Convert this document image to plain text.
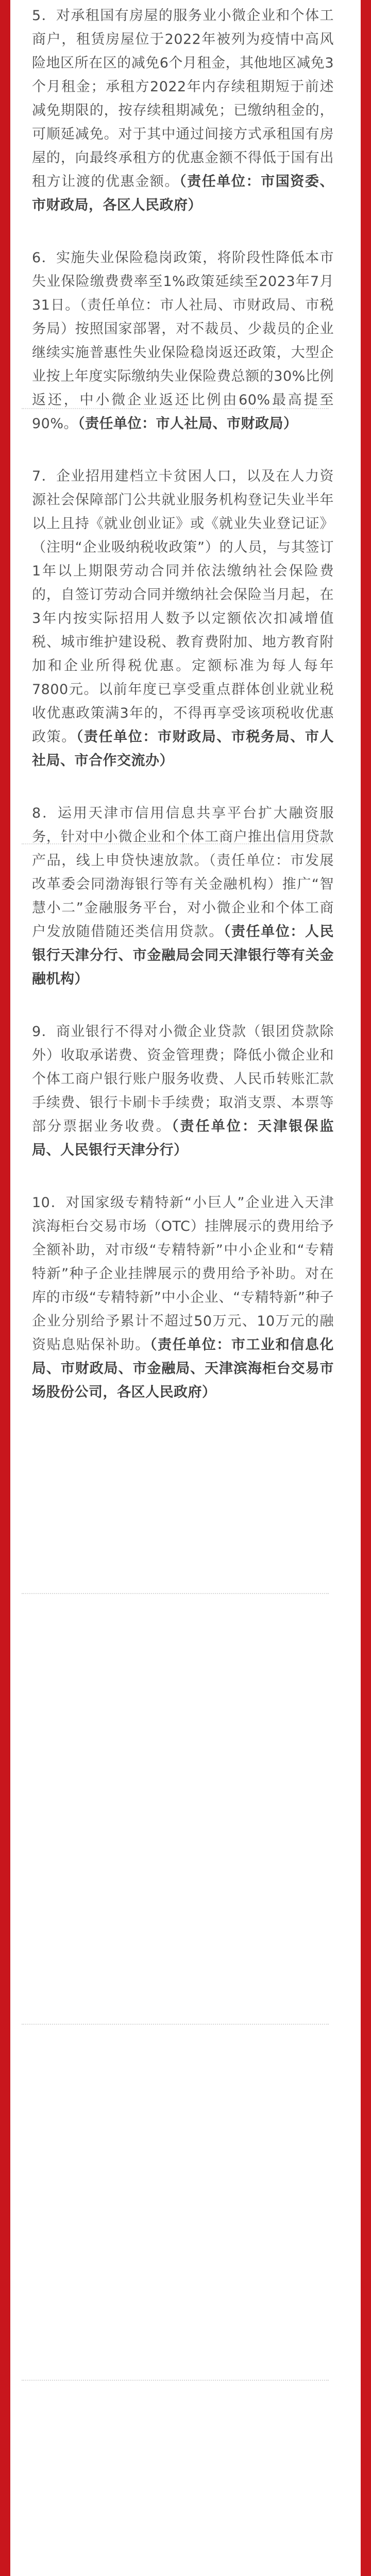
5．对承租国有房屋的服务业小微企业和个体工商户，租赁房屋位于2022年被列为疫情中高风险地区所在区的减免6个月租金，其他地区减免3个月租金；承租方2022年内存续租期短于前述减免期限的，按存续租期减免；已缴纳租金的，可顺延减免。对于其中通过间接方式承租国有房屋的，向最终承租方的优惠金额不得低于国有出租方让渡的优惠金额。（责任单位：市国资委、市财政局，各区人民政府）

6．实施失业保险稳岗政策，将阶段性降低本市失业保险缴费费率至1%政策延续至2023年7月31日。（责任单位：市人社局、市财政局、市税务局）按照国家部署，对不裁员、少裁员的企业继续实施普惠性失业保险稳岗返还政策，大型企业按上年度实际缴纳失业保险费总额的30%比例返还，中小微企业返还比例由60%最高提至90%。（责任单位：市人社局、市财政局）

7．企业招用建档立卡贫困人口，以及在人力资源社会保障部门公共就业服务机构登记失业半年以上且持《就业创业证》或《就业失业登记证》（注明“企业吸纳税收政策”）的人员，与其签订1年以上期限劳动合同并依法缴纳社会保险费的，自签订劳动合同并缴纳社会保险当月起，在3年内按实际招用人数予以定额依次扣减增值税、城市维护建设税、教育费附加、地方教育附加和企业所得税优惠。定额标准为每人每年7800元。以前年度已享受重点群体创业就业税收优惠政策满3年的，不得再享受该项税收优惠政策。（责任单位：市财政局、市税务局、市人社局、市合作交流办）

8．运用天津市信用信息共享平台扩大融资服务，针对中小微企业和个体工商户推出信用贷款产品，线上申贷快速放款。（责任单位：市发展改革委会同渤海银行等有关金融机构）推广“智慧小二”金融服务平台，对小微企业和个体工商户发放随借随还类信用贷款。（责任单位：人民银行天津分行、市金融局会同天津银行等有关金融机构）

9．商业银行不得对小微企业贷款（银团贷款除外）收取承诺费、资金管理费；降低小微企业和个体工商户银行账户服务收费、人民币转账汇款手续费、银行卡刷卡手续费；取消支票、本票等部分票据业务收费。（责任单位：天津银保监局、人民银行天津分行）

10．对国家级专精特新“小巨人”企业进入天津滨海柜台交易市场（OTC）挂牌展示的费用给予全额补助，对市级“专精特新”中小企业和“专精特新”种子企业挂牌展示的费用给予补助。对在库的市级“专精特新”中小企业、“专精特新”种子企业分别给予累计不超过50万元、10万元的融资贴息贴保补助。（责任单位：市工业和信息化局、市财政局、市金融局、天津滨海柜台交易市场股份公司，各区人民政府）
